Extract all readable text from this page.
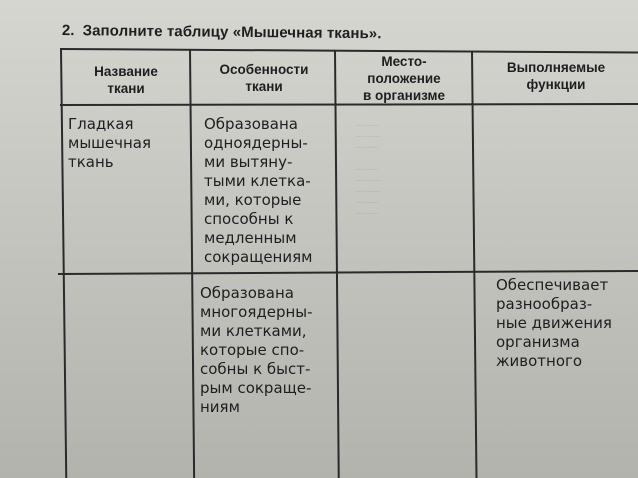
2. Заполните таблицу «Мышечная ткань».
..........
...........
..........

..........
...........
...........
..........
..........
Название
ткани
Особенности
ткани
Место-
положение
в организме
Выполняемые
функции
Гладкая
мышечная
ткань
Образована
одноядерны-
ми вытяну-
тыми клетка-
ми, которые
способны к
медленным
сокращениям
Образована
многоядерны-
ми клетками,
которые спо-
собны к быст-
рым сокраще-
ниям
Обеспечивает
разнообраз-
ные движения
организма
животного
